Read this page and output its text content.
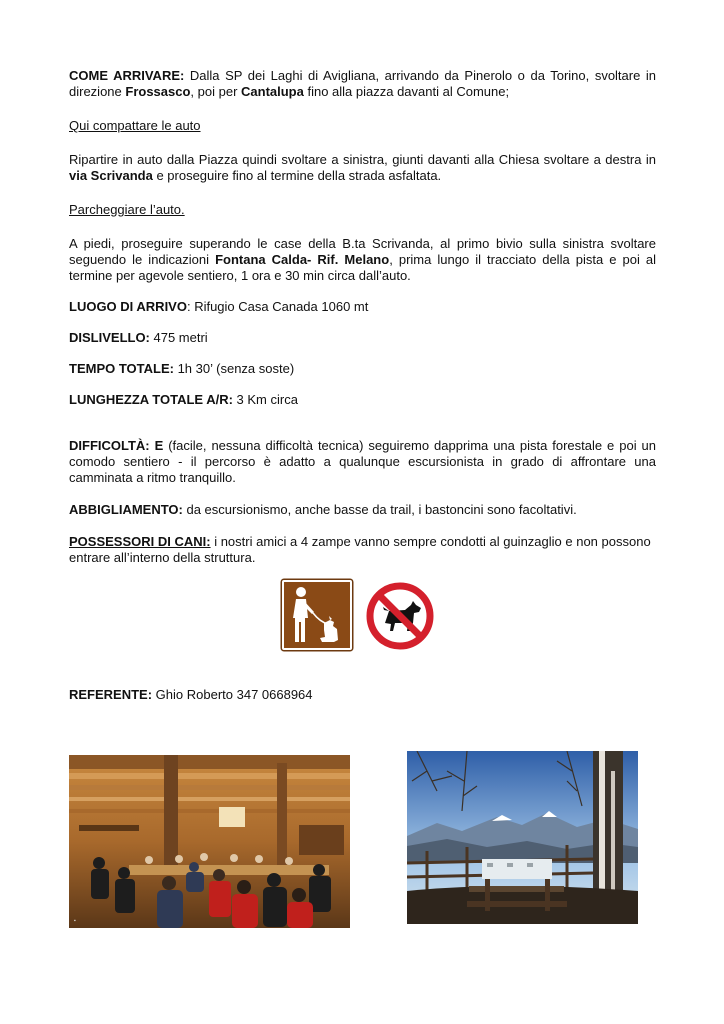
COME ARRIVARE: Dalla SP dei Laghi di Avigliana, arrivando da Pinerolo o da Torino, svoltare in direzione Frossasco, poi per Cantalupa fino alla piazza davanti al Comune;

Qui compattare le auto

Ripartire in auto dalla Piazza quindi svoltare a sinistra, giunti davanti alla Chiesa svoltare a destra in via Scrivanda e proseguire fino al termine della strada asfaltata.

Parcheggiare l’auto.

A piedi, proseguire superando le case della B.ta Scrivanda, al primo bivio sulla sinistra svoltare seguendo le indicazioni Fontana Calda- Rif. Melano, prima lungo il tracciato della pista e poi al termine per agevole sentiero, 1 ora e 30 min circa dall’auto.

LUOGO DI ARRIVO: Rifugio Casa Canada 1060 mt

DISLIVELLO: 475 metri

TEMPO TOTALE: 1h 30’ (senza soste)

LUNGHEZZA TOTALE A/R: 3 Km circa

DIFFICOLTÀ: E (facile, nessuna difficoltà tecnica) seguiremo dapprima una pista forestale e poi un comodo sentiero - il percorso è adatto a qualunque escursionista in grado di affrontare una camminata a ritmo tranquillo.

ABBIGLIAMENTO: da escursionismo, anche basse da trail, i bastoncini sono facoltativi.

POSSESSORI DI CANI: i nostri amici a 4 zampe vanno sempre condotti al guinzaglio e non possono entrare all’interno della struttura.

REFERENTE: Ghio Roberto 347 0668964

▪
